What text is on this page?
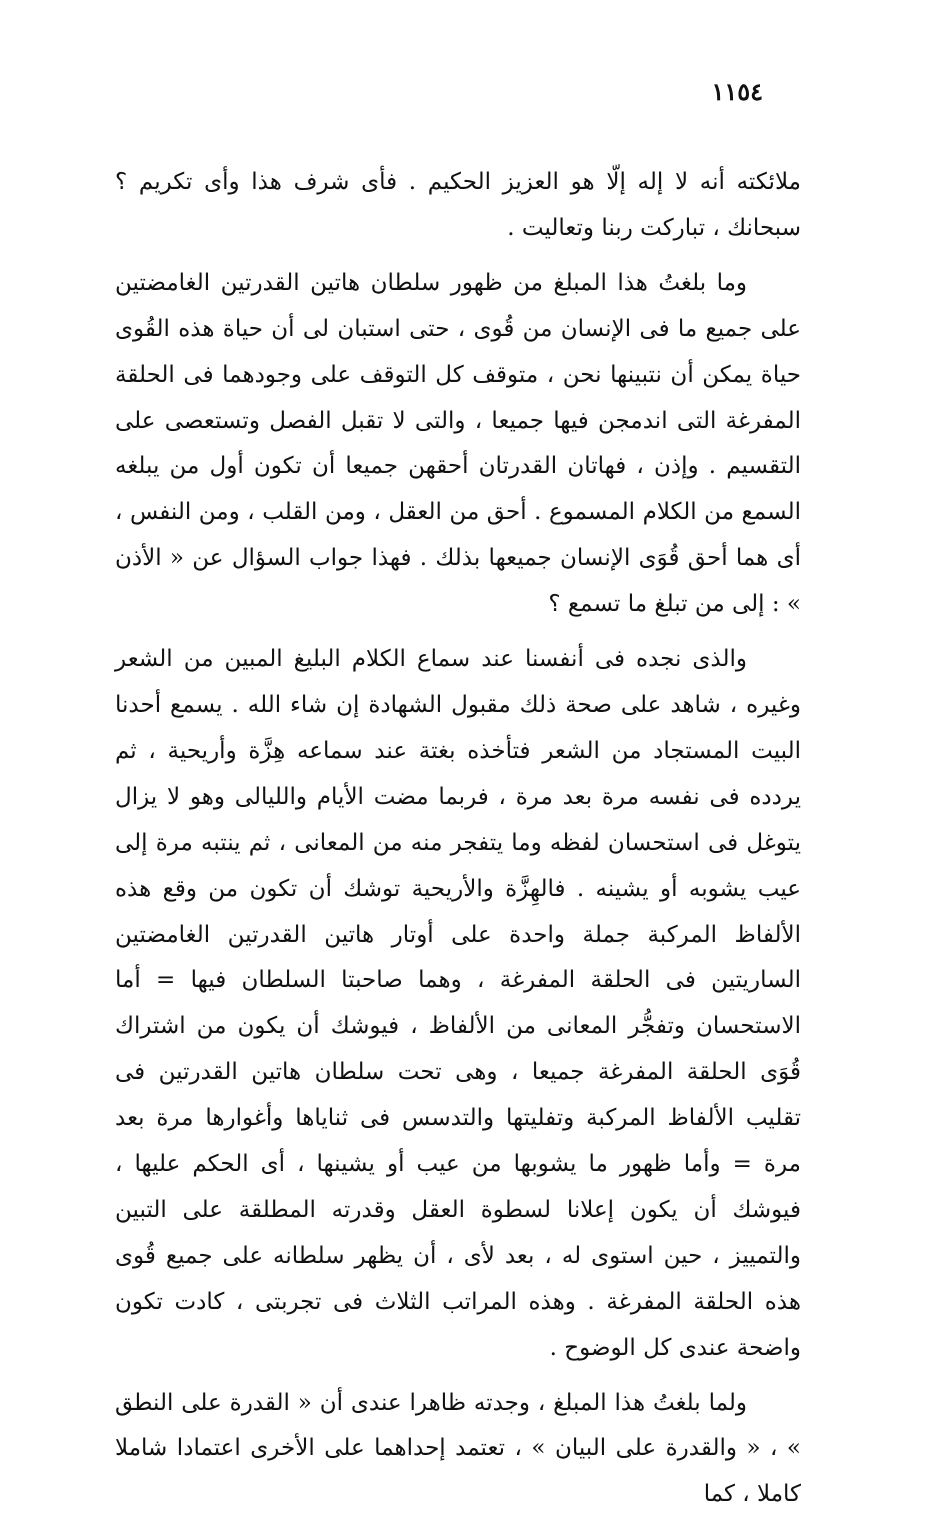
١١٥٤

ملائكته أنه لا إله إلّا هو العزيز الحكيم . فأى شرف هذا وأى تكريم ؟ سبحانك ، تباركت ربنا وتعاليت .

وما بلغتُ هذا المبلغ من ظهور سلطان هاتين القدرتين الغامضتين على جميع ما فى الإنسان من قُوى ، حتى استبان لى أن حياة هذه القُوى حياة يمكن أن نتبينها نحن ، متوقف كل التوقف على وجودهما فى الحلقة المفرغة التى اندمجن فيها جميعا ، والتى لا تقبل الفصل وتستعصى على التقسيم . وإذن ، فهاتان القدرتان أحقهن جميعا أن تكون أول من يبلغه السمع من الكلام المسموع . أحق من العقل ، ومن القلب ، ومن النفس ، أى هما أحق قُوَى الإنسان جميعها بذلك . فهذا جواب السؤال عن « الأذن » : إلى من تبلغ ما تسمع ؟

والذى نجده فى أنفسنا عند سماع الكلام البليغ المبين من الشعر وغيره ، شاهد على صحة ذلك مقبول الشهادة إن شاء الله . يسمع أحدنا البيت المستجاد من الشعر فتأخذه بغتة عند سماعه هِزَّة وأريحية ، ثم يردده فى نفسه مرة بعد مرة ، فربما مضت الأيام والليالى وهو لا يزال يتوغل فى استحسان لفظه وما يتفجر منه من المعانى ، ثم ينتبه مرة إلى عيب يشوبه أو يشينه . فالهِزَّة والأريحية توشك أن تكون من وقع هذه الألفاظ المركبة جملة واحدة على أوتار هاتين القدرتين الغامضتين الساريتين فى الحلقة المفرغة ، وهما صاحبتا السلطان فيها = أما الاستحسان وتفجُّر المعانى من الألفاظ ، فيوشك أن يكون من اشتراك قُوَى الحلقة المفرغة جميعا ، وهى تحت سلطان هاتين القدرتين فى تقليب الألفاظ المركبة وتفليتها والتدسس فى ثناياها وأغوارها مرة بعد مرة = وأما ظهور ما يشوبها من عيب أو يشينها ، أى الحكم عليها ، فيوشك أن يكون إعلانا لسطوة العقل وقدرته المطلقة على التبين والتمييز ، حين استوى له ، بعد لأى ، أن يظهر سلطانه على جميع قُوى هذه الحلقة المفرغة . وهذه المراتب الثلاث فى تجربتى ، كادت تكون واضحة عندى كل الوضوح .

ولما بلغتُ هذا المبلغ ، وجدته ظاهرا عندى أن « القدرة على النطق » ، « والقدرة على البيان » ، تعتمد إحداهما على الأخرى اعتمادا شاملا كاملا ، كما
